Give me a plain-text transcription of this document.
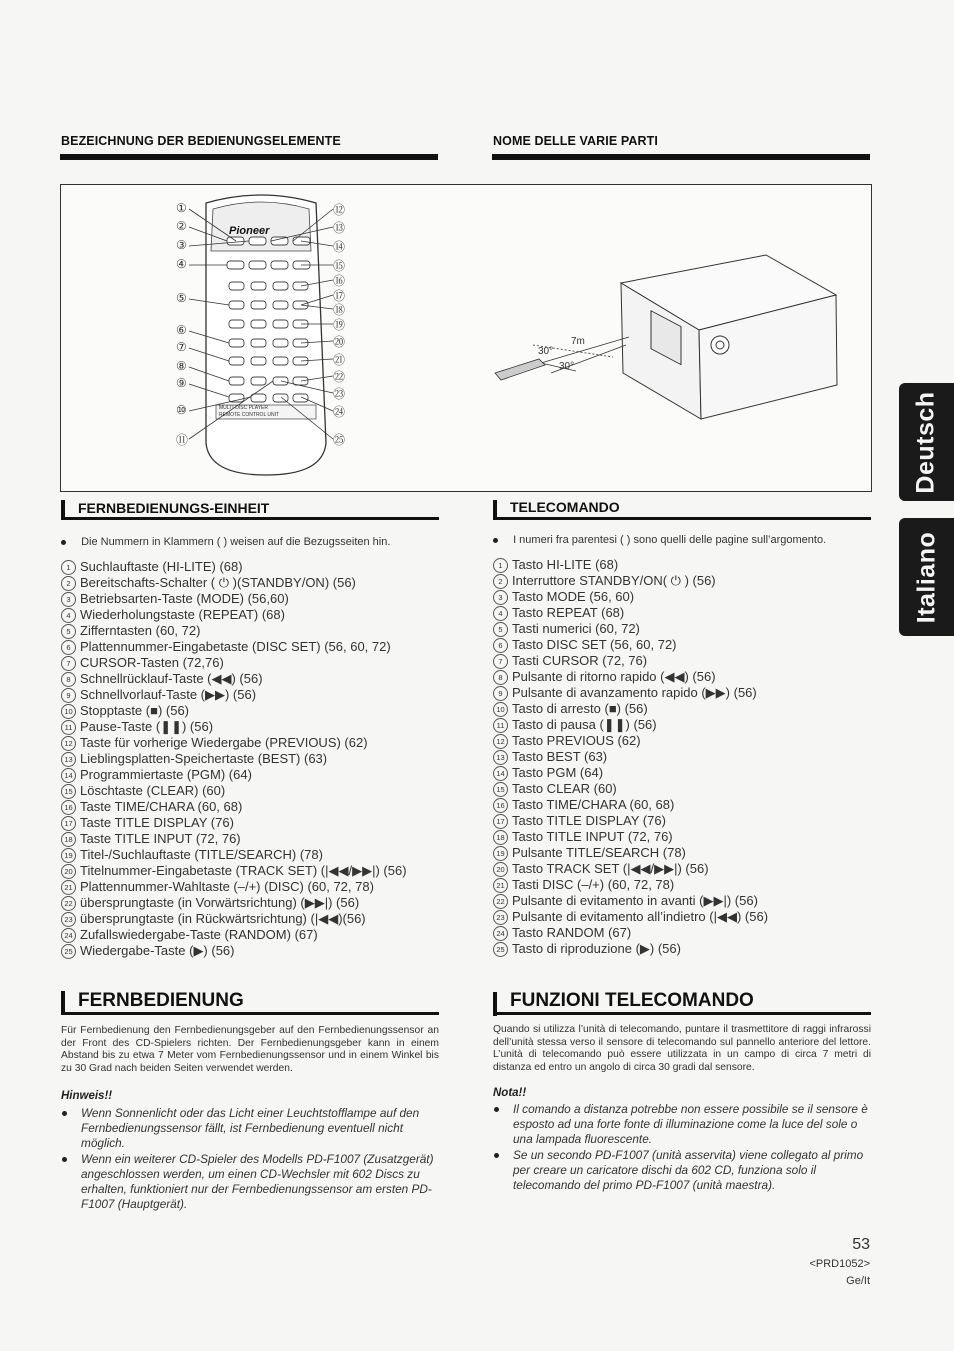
BEZEICHNUNG DER BEDIENUNGSELEMENTE	NOME DELLE VARIE PARTI
Pioneer
MULTI-DISC PLAYER
REMOTE CONTROL UNIT
①
②
③
④
⑤
⑥
⑦
⑧
⑨
⑩
⑪
⑫
⑬
⑭
⑮
⑯
⑰
⑱
⑲
⑳
㉑
㉒
㉓
㉔
㉕
7m
30°
30°
Deutsch
Italiano
FERNBEDIENUNGS-EINHEIT
Die Nummern in Klammern ( ) weisen auf die Bezugsseiten hin.
1 Suchlauftaste (HI-LITE) (68)
2 Bereitschafts-Schalter ( ⏻ )(STANDBY/ON) (56)
3 Betriebsarten-Taste (MODE) (56,60)
4 Wiederholungstaste (REPEAT) (68)
5 Zifferntasten (60, 72)
6 Plattennummer-Eingabetaste (DISC SET) (56, 60, 72)
7 CURSOR-Tasten (72,76)
8 Schnellrücklauf-Taste (◀◀) (56)
9 Schnellvorlauf-Taste (▶▶) (56)
10 Stopptaste (■) (56)
11 Pause-Taste (❚❚) (56)
12 Taste für vorherige Wiedergabe (PREVIOUS) (62)
13 Lieblingsplatten-Speichertaste (BEST) (63)
14 Programmiertaste (PGM) (64)
15 Löschtaste (CLEAR) (60)
16 Taste TIME/CHARA (60, 68)
17 Taste TITLE DISPLAY (76)
18 Taste TITLE INPUT (72, 76)
19 Titel-/Suchlauftaste (TITLE/SEARCH) (78)
20 Titelnummer-Eingabetaste (TRACK SET) (|◀◀/▶▶|) (56)
21 Plattennummer-Wahltaste (–/+) (DISC) (60, 72, 78)
22 übersprungtaste (in Vorwärtsrichtung) (▶▶|) (56)
23 übersprungtaste (in Rückwärtsrichtung) (|◀◀)(56)
24 Zufallswiedergabe-Taste (RANDOM) (67)
25 Wiedergabe-Taste (▶) (56)
FERNBEDIENUNG
Für Fernbedienung den Fernbedienungsgeber auf den Fernbedienungssensor an der Front des CD-Spielers richten. Der Fernbedienungsgeber kann in einem Abstand bis zu etwa 7 Meter vom Fernbedienungssensor und in einem Winkel bis zu 30 Grad nach beiden Seiten verwendet werden.
Hinweis!!
Wenn Sonnenlicht oder das Licht einer Leuchtstofflampe auf den Fernbedienungssensor fällt, ist Fernbedienung eventuell nicht möglich.
Wenn ein weiterer CD-Spieler des Modells PD-F1007 (Zusatzgerät) angeschlossen werden, um einen CD-Wechsler mit 602 Discs zu erhalten, funktioniert nur der Fernbedienungssensor am ersten PD-F1007 (Hauptgerät).
TELECOMANDO
I numeri fra parentesi ( ) sono quelli delle pagine sull’argomento.
1 Tasto HI-LITE (68)
2 Interruttore STANDBY/ON( ⏻ ) (56)
3 Tasto MODE (56, 60)
4 Tasto REPEAT (68)
5 Tasti numerici (60, 72)
6 Tasto DISC SET (56, 60, 72)
7 Tasti CURSOR (72, 76)
8 Pulsante di ritorno rapido (◀◀) (56)
9 Pulsante di avanzamento rapido (▶▶) (56)
10 Tasto di arresto (■) (56)
11 Tasto di pausa (❚❚) (56)
12 Tasto PREVIOUS (62)
13 Tasto BEST (63)
14 Tasto PGM (64)
15 Tasto CLEAR (60)
16 Tasto TIME/CHARA (60, 68)
17 Tasto TITLE DISPLAY (76)
18 Tasto TITLE INPUT (72, 76)
19 Pulsante TITLE/SEARCH (78)
20 Tasto TRACK SET (|◀◀/▶▶|) (56)
21 Tasti DISC (–/+) (60, 72, 78)
22 Pulsante di evitamento in avanti (▶▶|) (56)
23 Pulsante di evitamento all’indietro (|◀◀) (56)
24 Tasto RANDOM (67)
25 Tasto di riproduzione (▶) (56)
FUNZIONI TELECOMANDO
Quando si utilizza l’unità di telecomando, puntare il trasmettitore di raggi infrarossi dell’unità stessa verso il sensore di telecomando sul pannello anteriore del lettore. L’unità di telecomando può essere utilizzata in un campo di circa 7 metri di distanza ed entro un angolo di circa 30 gradi dal sensore.
Nota!!
Il comando a distanza potrebbe non essere possibile se il sensore è esposto ad una forte fonte di illuminazione come la luce del sole o una lampada fluorescente.
Se un secondo PD-F1007 (unità asservita) viene collegato al primo per creare un caricatore dischi da 602 CD, funziona solo il telecomando del primo PD-F1007 (unità maestra).
53
<PRD1052>
Ge/It
